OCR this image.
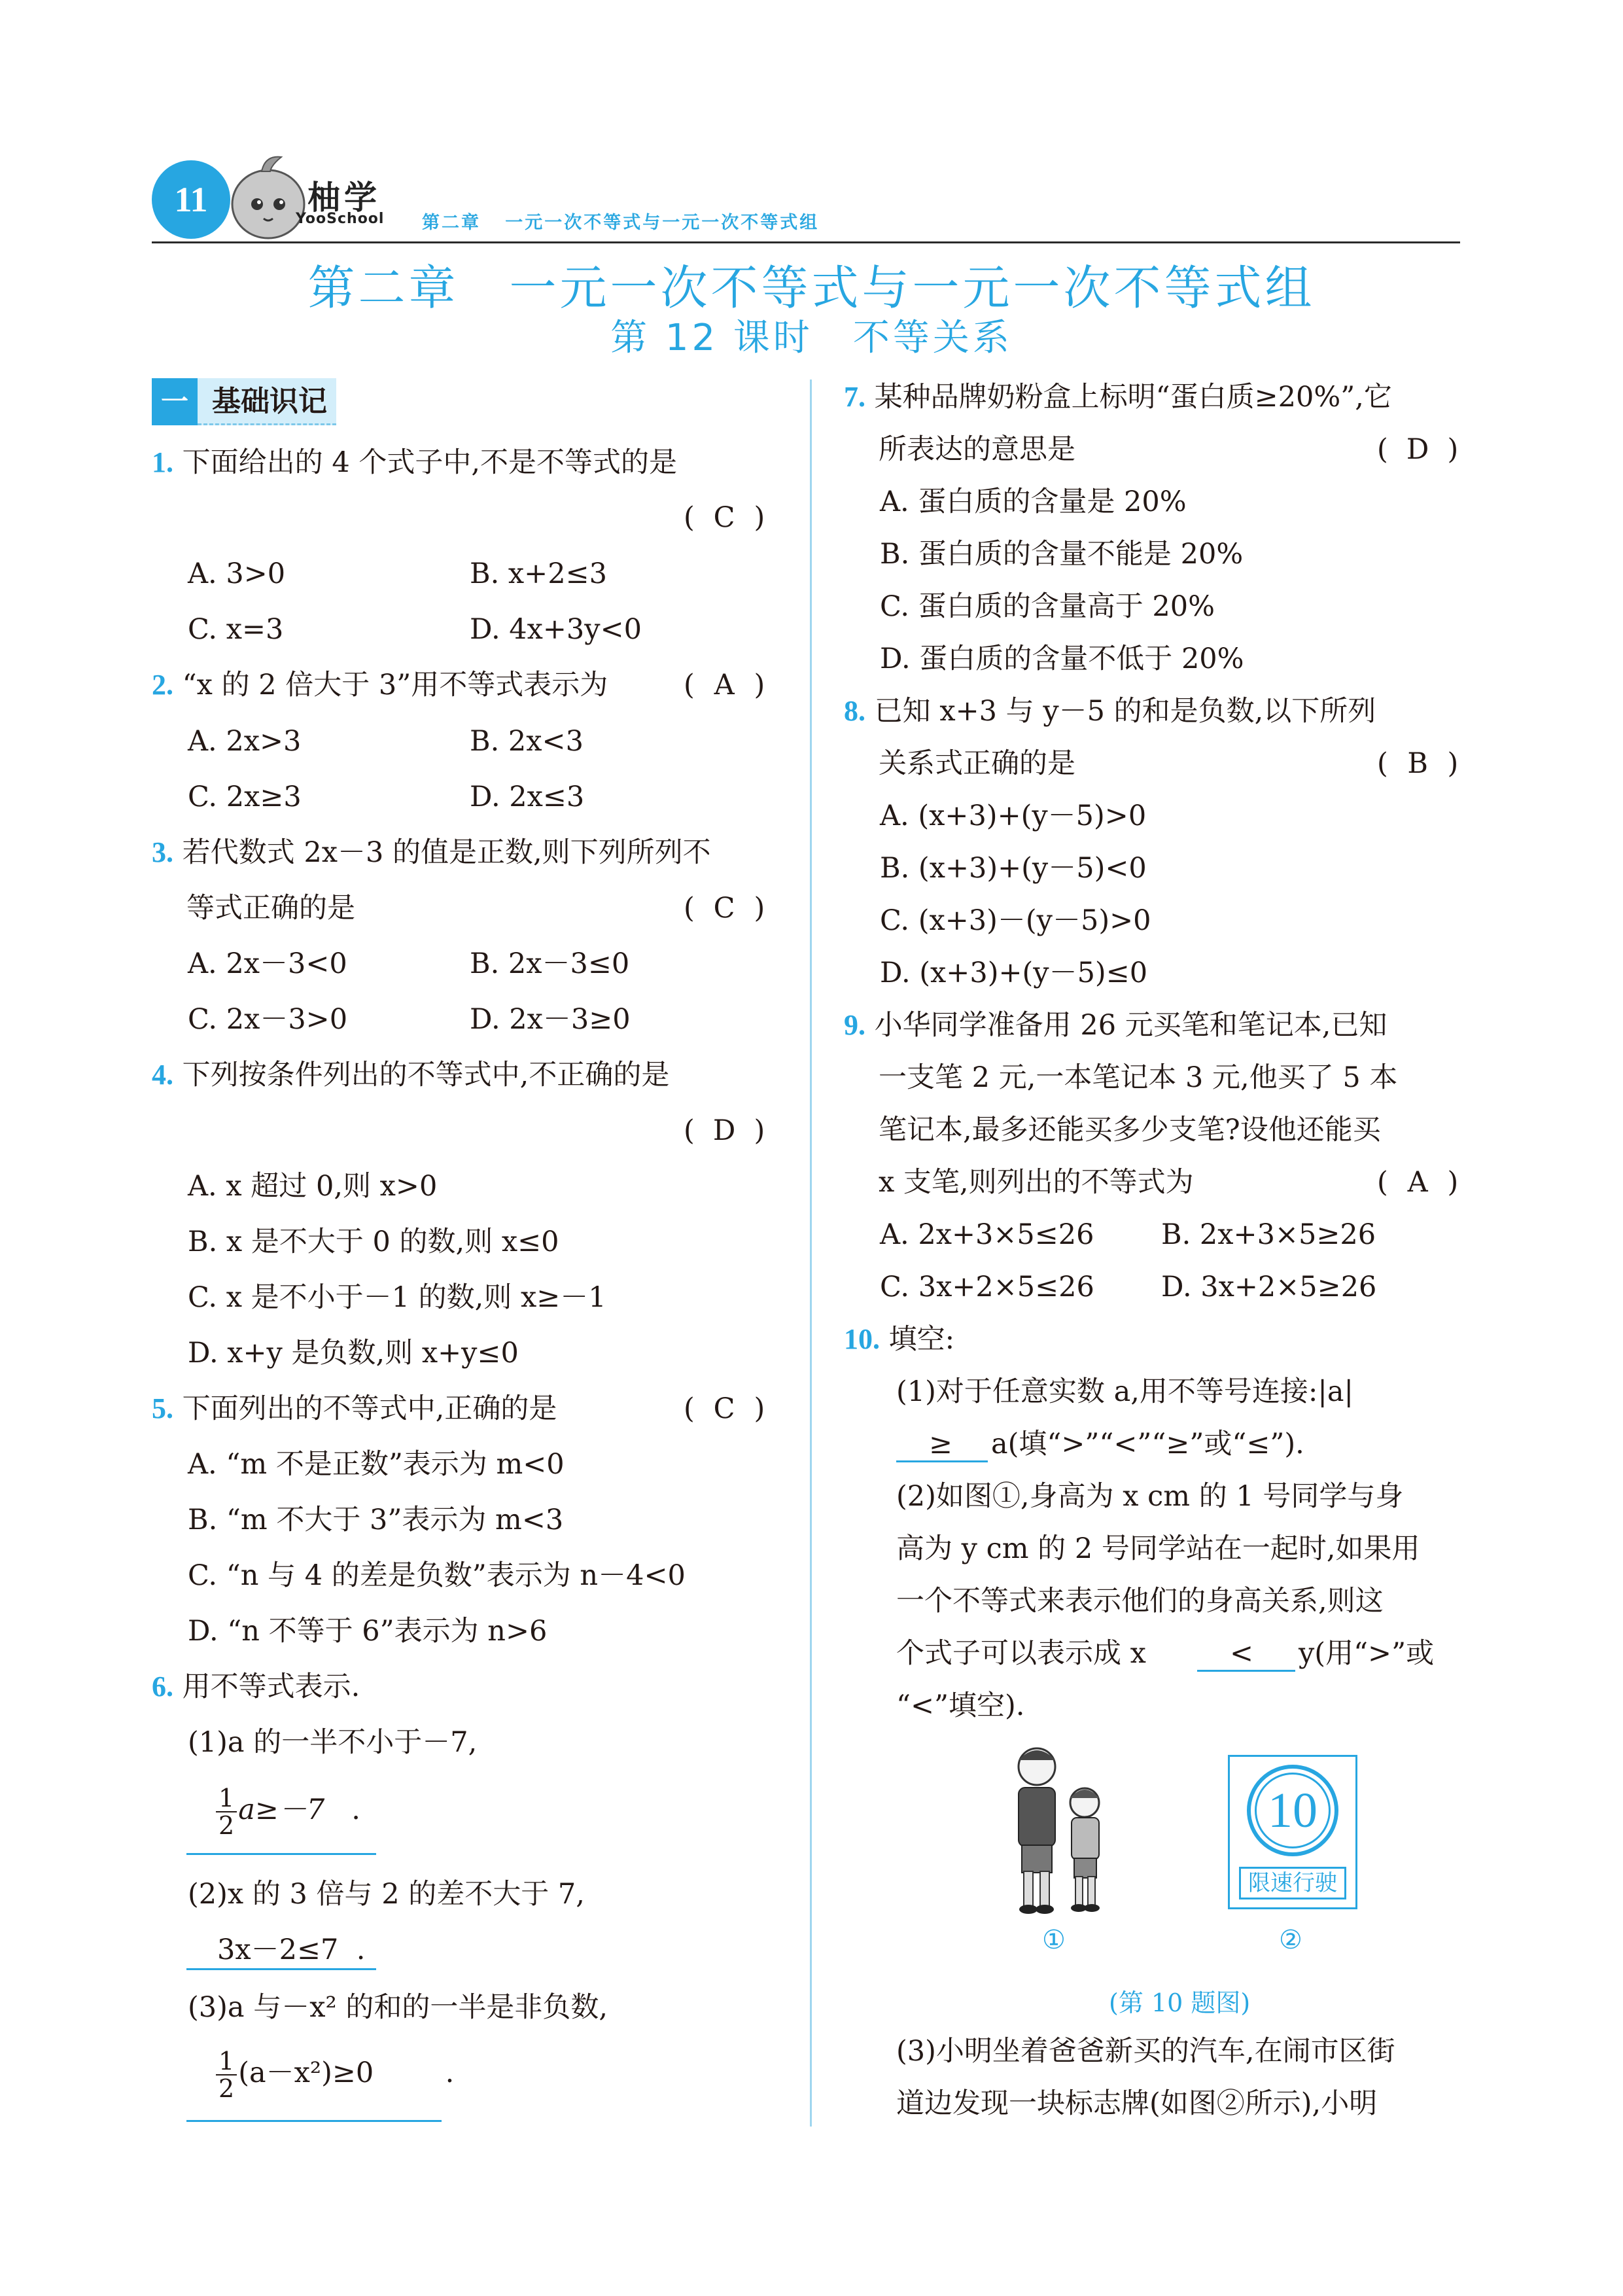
11	柚学
YooSchool 第二章   一元一次不等式与一元一次不等式组
第二章　一元一次不等式与一元一次不等式组
第 12 课时　不等关系
一 基础识记
1. 下面给出的 4 个式子中,不是不等式的是
(  C  )
A. 3>0	B. x+2≤3
C. x=3	D. 4x+3y<0
2. “x 的 2 倍大于 3”用不等式表示为	(  A  )
A. 2x>3	B. 2x<3
C. 2x≥3	D. 2x≤3
3. 若代数式 2x－3 的值是正数,则下列所列不
等式正确的是	(  C  )
A. 2x－3<0	B. 2x－3≤0
C. 2x－3>0	D. 2x－3≥0
4. 下列按条件列出的不等式中,不正确的是
(  D  )
A. x 超过 0,则 x>0
B. x 是不大于 0 的数,则 x≤0
C. x 是不小于－1 的数,则 x≥－1
D. x+y 是负数,则 x+y≤0
5. 下面列出的不等式中,正确的是	(  C  )
A. “m 不是正数”表示为 m<0
B. “m 不大于 3”表示为 m<3
C. “n 与 4 的差是负数”表示为 n－4<0
D. “n 不等于 6”表示为 n>6
6. 用不等式表示.
(1)a 的一半不小于－7,
$\frac{1}{2} a\ge-7$ .
(2)x 的 3 倍与 2 的差不大于 7,
3x－2≤7 .
(3)a 与－x² 的和的一半是非负数,
$\frac{1}{2} (a-x^2)\ge 0$	.
7. 某种品牌奶粉盒上标明“蛋白质≥20%”,它
所表达的意思是	(  D  )
A. 蛋白质的含量是 20%
B. 蛋白质的含量不能是 20%
C. 蛋白质的含量高于 20%
D. 蛋白质的含量不低于 20%
8. 已知 x+3 与 y－5 的和是负数,以下所列
关系式正确的是	(  B  )
A. (x+3)+(y－5)>0
B. (x+3)+(y－5)<0
C. (x+3)－(y－5)>0
D. (x+3)+(y－5)≤0
9. 小华同学准备用 26 元买笔和笔记本,已知
一支笔 2 元,一本笔记本 3 元,他买了 5 本
笔记本,最多还能买多少支笔?设他还能买
x 支笔,则列出的不等式为	(  A  )
A. 2x+3×5≤26 B. 2x+3×5≥26
C. 3x+2×5≤26 D. 3x+2×5≥26
10. 填空:
(1)对于任意实数 a,用不等号连接:|a|
≥ a(填“>”“<”“≥”或“≤”).
(2)如图①,身高为 x cm 的 1 号同学与身
高为 y cm 的 2 号同学站在一起时,如果用
一个不等式来表示他们的身高关系,则这
个式子可以表示成 x	< y(用“>”或
“<”填空).
10
限速行驶
①	②
(第 10 题图)
(3)小明坐着爸爸新买的汽车,在闹市区街
道边发现一块标志牌(如图②所示),小明
